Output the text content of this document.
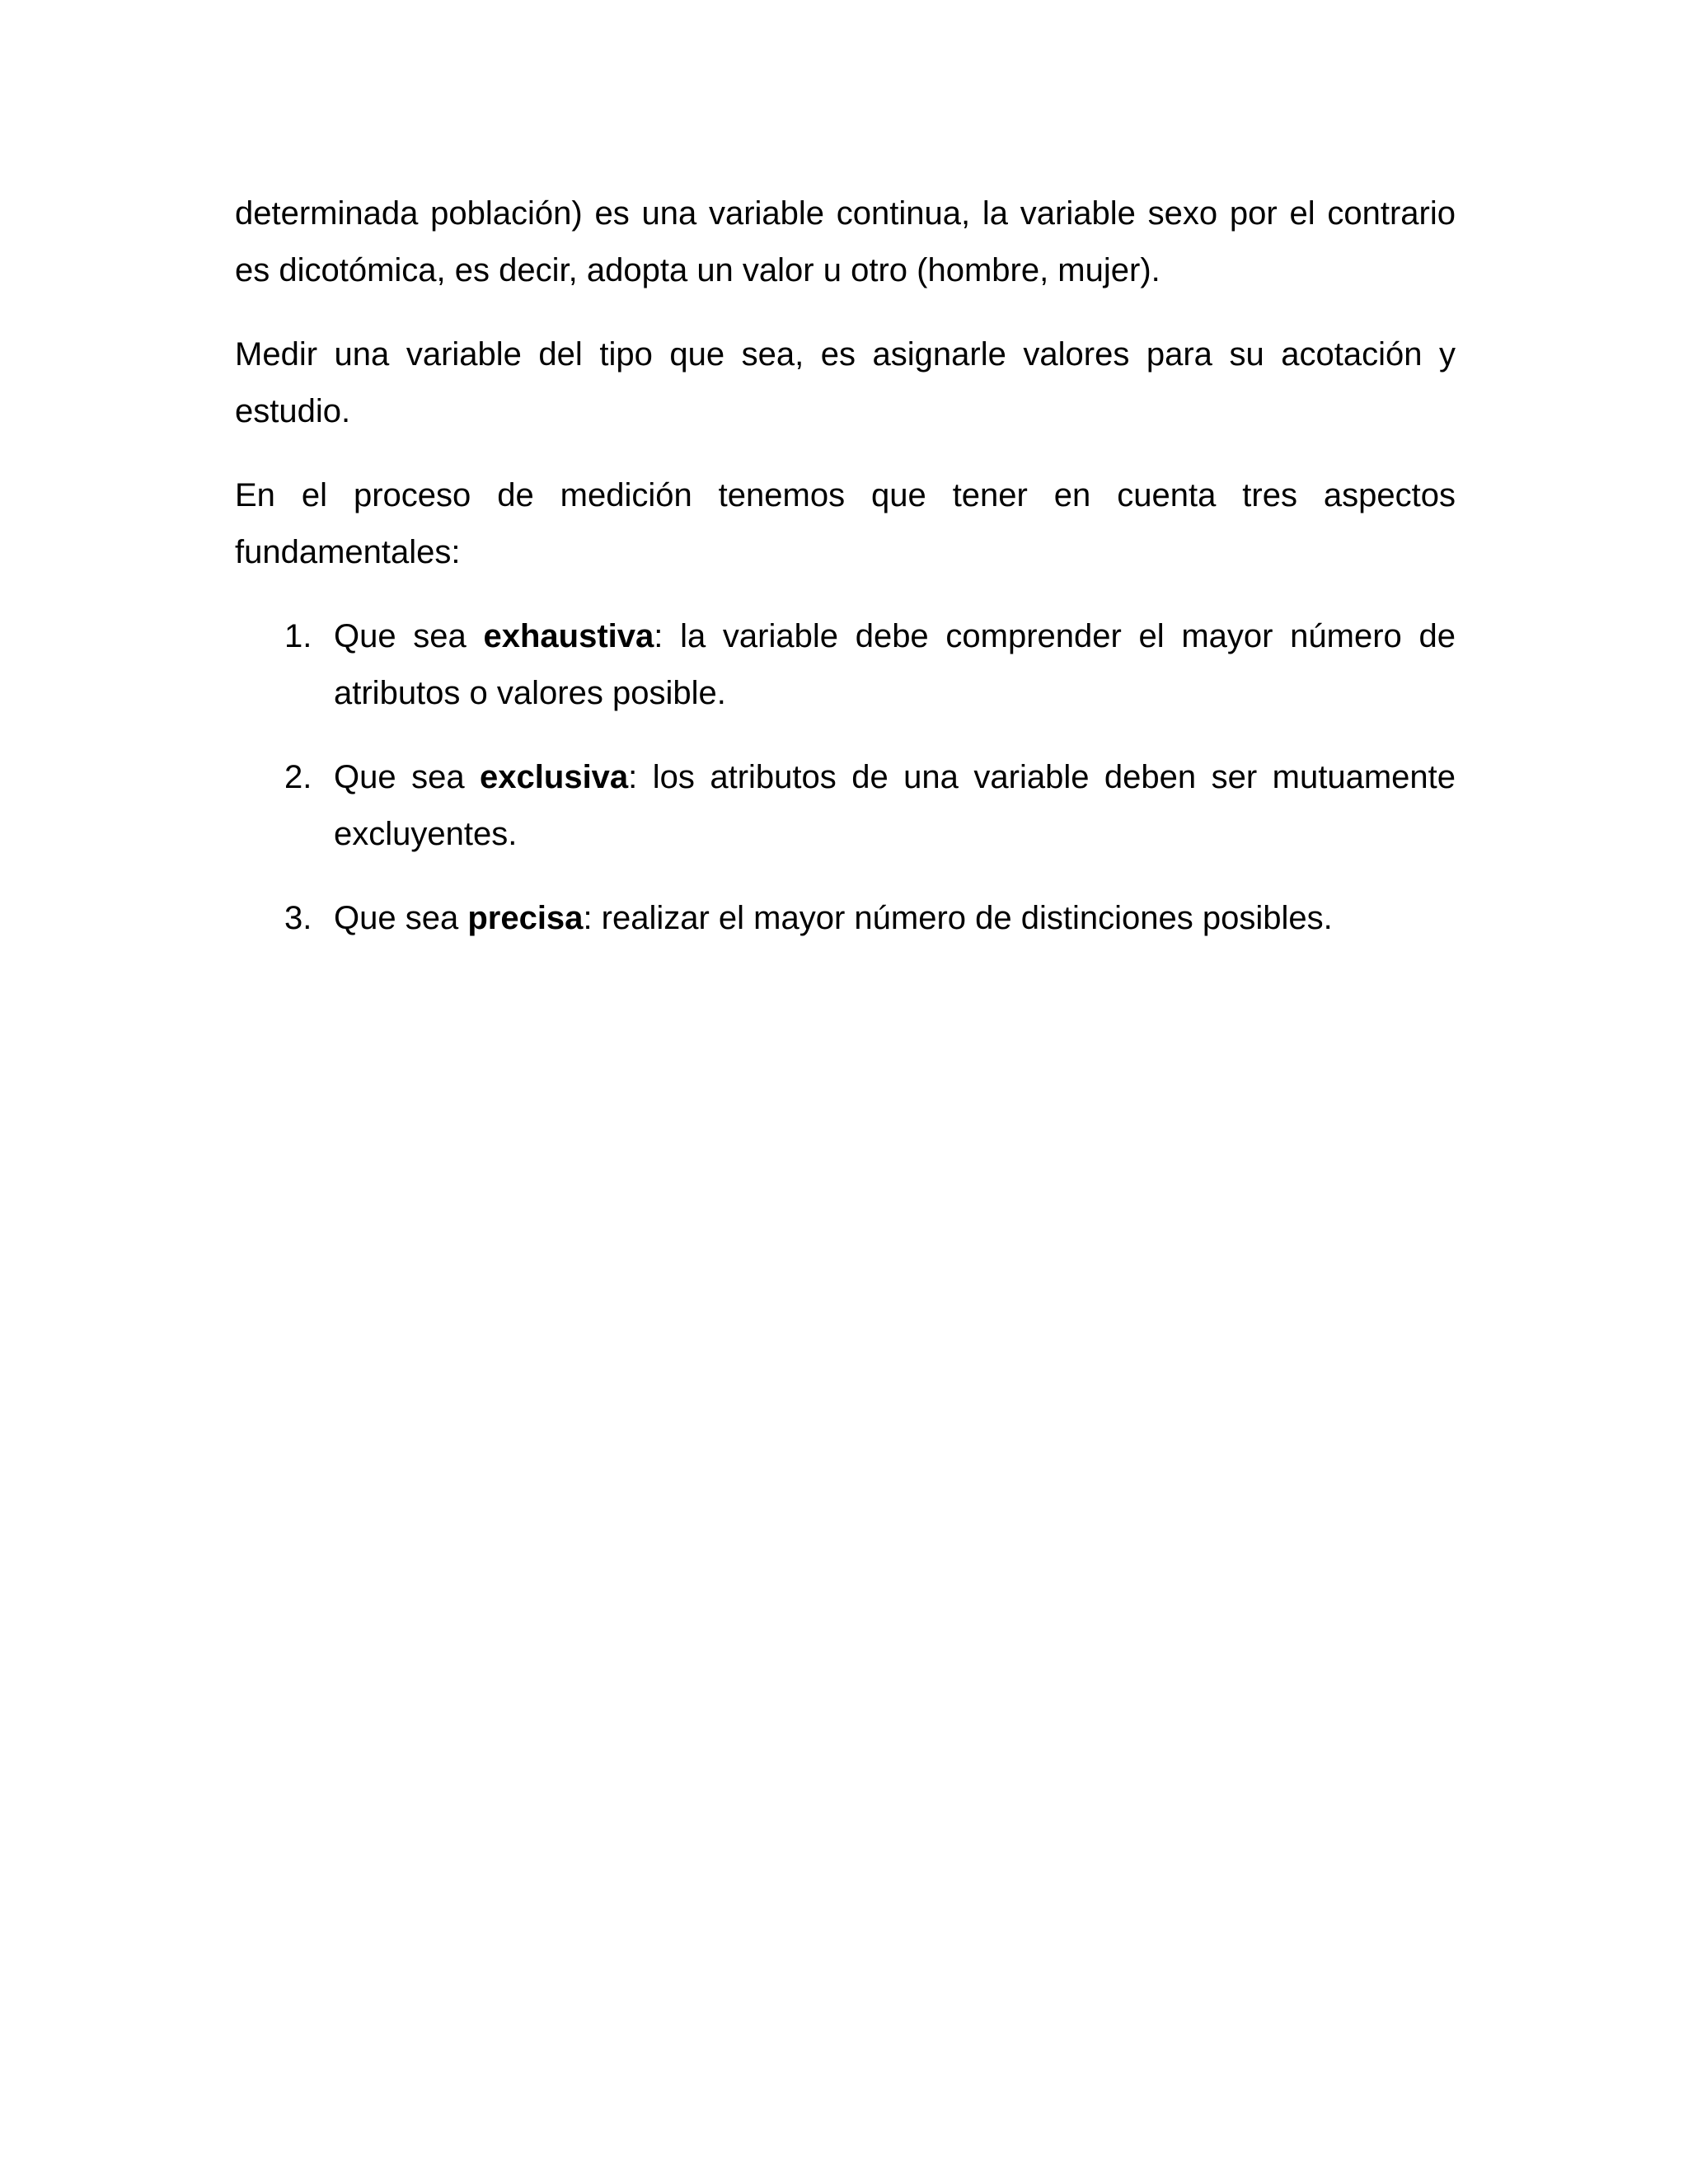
determinada población) es una variable continua, la variable sexo por el contrario es dicotómica, es decir, adopta un valor u otro (hombre, mujer).

Medir una variable del tipo que sea, es asignarle valores para su acotación y estudio.

En el proceso de medición tenemos que tener en cuenta tres aspectos fundamentales:

1. Que sea exhaustiva: la variable debe comprender el mayor número de atributos o valores posible.
2. Que sea exclusiva: los atributos de una variable deben ser mutuamente excluyentes.
3. Que sea precisa: realizar el mayor número de distinciones posibles.
